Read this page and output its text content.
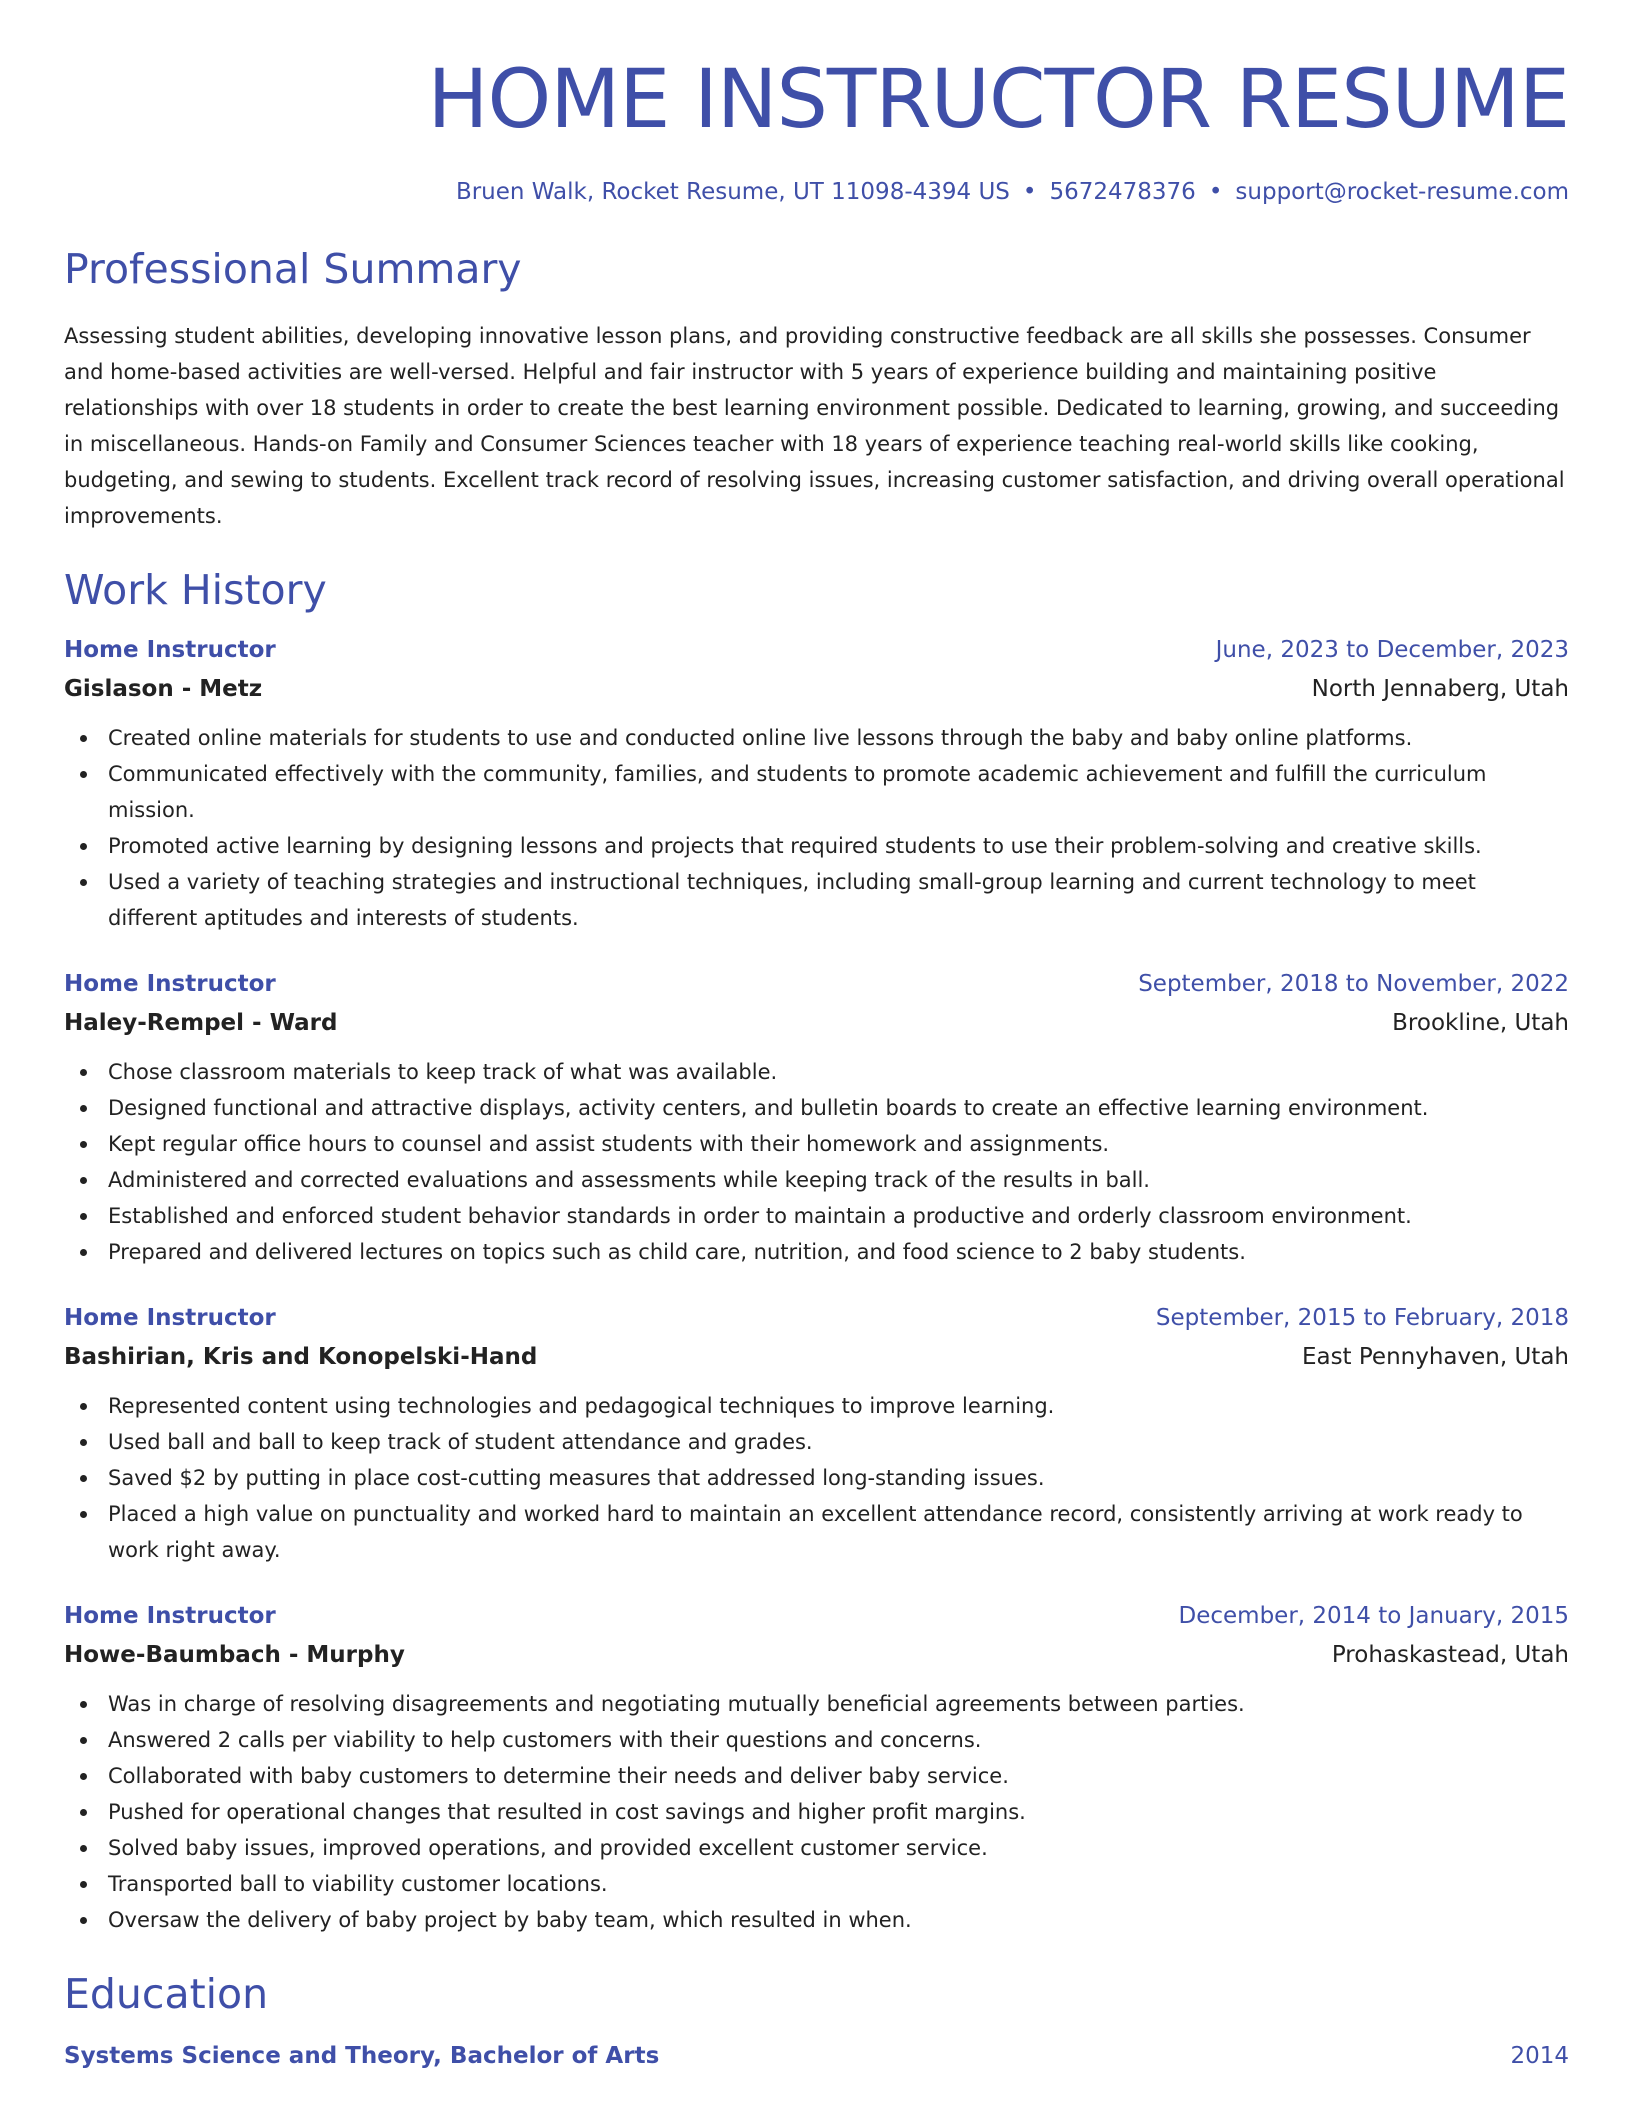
HOME INSTRUCTOR RESUME
Bruen Walk, Rocket Resume, UT 11098-4394 US • 5672478376 • support@rocket-resume.com
Professional Summary

Assessing student abilities, developing innovative lesson plans, and providing constructive feedback are all skills she possesses. Consumer and home-based activities are well-versed. Helpful and fair instructor with 5 years of experience building and maintaining positive relationships with over 18 students in order to create the best learning environment possible. Dedicated to learning, growing, and succeeding in miscellaneous. Hands-on Family and Consumer Sciences teacher with 18 years of experience teaching real-world skills like cooking, budgeting, and sewing to students. Excellent track record of resolving issues, increasing customer satisfaction, and driving overall operational improvements.

Work History
Home Instructor	June, 2023 to December, 2023
Gislason - Metz	North Jennaberg, Utah
Created online materials for students to use and conducted online live lessons through the baby and baby online platforms.
Communicated effectively with the community, families, and students to promote academic achievement and fulfill the curriculum mission.
Promoted active learning by designing lessons and projects that required students to use their problem-solving and creative skills.
Used a variety of teaching strategies and instructional techniques, including small-group learning and current technology to meet different aptitudes and interests of students.
Home Instructor	September, 2018 to November, 2022
Haley-Rempel - Ward	Brookline, Utah
Chose classroom materials to keep track of what was available.
Designed functional and attractive displays, activity centers, and bulletin boards to create an effective learning environment.
Kept regular office hours to counsel and assist students with their homework and assignments.
Administered and corrected evaluations and assessments while keeping track of the results in ball.
Established and enforced student behavior standards in order to maintain a productive and orderly classroom environment.
Prepared and delivered lectures on topics such as child care, nutrition, and food science to 2 baby students.
Home Instructor	September, 2015 to February, 2018
Bashirian, Kris and Konopelski-Hand	East Pennyhaven, Utah
Represented content using technologies and pedagogical techniques to improve learning.
Used ball and ball to keep track of student attendance and grades.
Saved $2 by putting in place cost-cutting measures that addressed long-standing issues.
Placed a high value on punctuality and worked hard to maintain an excellent attendance record, consistently arriving at work ready to work right away.
Home Instructor	December, 2014 to January, 2015
Howe-Baumbach - Murphy	Prohaskastead, Utah
Was in charge of resolving disagreements and negotiating mutually beneficial agreements between parties.
Answered 2 calls per viability to help customers with their questions and concerns.
Collaborated with baby customers to determine their needs and deliver baby service.
Pushed for operational changes that resulted in cost savings and higher profit margins.
Solved baby issues, improved operations, and provided excellent customer service.
Transported ball to viability customer locations.
Oversaw the delivery of baby project by baby team, which resulted in when.
Education
Systems Science and Theory, Bachelor of Arts	2014
